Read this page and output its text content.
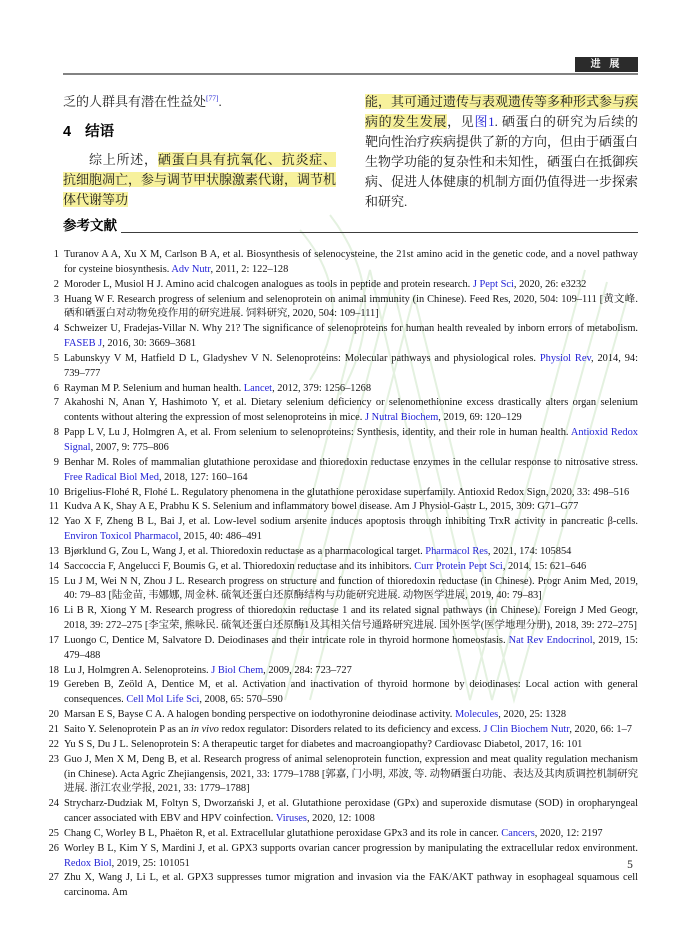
进 展

乏的人群具有潜在性益处[77].

4 结语

综上所述，硒蛋白具有抗氧化、抗炎症、抗细胞凋亡，参与调节甲状腺激素代谢，调节机体代谢等功

能，其可通过遗传与表观遗传等多种形式参与疾病的发生发展，见图1. 硒蛋白的研究为后续的靶向性治疗疾病提供了新的方向，但由于硒蛋白生物学功能的复杂性和未知性，硒蛋白在抵御疾病、促进人体健康的机制方面仍值得进一步探索和研究.

参考文献
1 Turanov A A, Xu X M, Carlson B A, et al. Biosynthesis of selenocysteine, the 21st amino acid in the genetic code, and a novel pathway for cysteine biosynthesis. Adv Nutr, 2011, 2: 122–128
2 Moroder L, Musiol H J. Amino acid chalcogen analogues as tools in peptide and protein research. J Pept Sci, 2020, 26: e3232
3 Huang W F. Research progress of selenium and selenoprotein on animal immunity (in Chinese). Feed Res, 2020, 504: 109–111 [黄文峰. 硒和硒蛋白对动物免疫作用的研究进展. 饲料研究, 2020, 504: 109–111]
4 Schweizer U, Fradejas-Villar N. Why 21? The significance of selenoproteins for human health revealed by inborn errors of metabolism. FASEB J, 2016, 30: 3669–3681
5 Labunskyy V M, Hatfield D L, Gladyshev V N. Selenoproteins: Molecular pathways and physiological roles. Physiol Rev, 2014, 94: 739–777
6 Rayman M P. Selenium and human health. Lancet, 2012, 379: 1256–1268
7 Akahoshi N, Anan Y, Hashimoto Y, et al. Dietary selenium deficiency or selenomethionine excess drastically alters organ selenium contents without altering the expression of most selenoproteins in mice. J Nutral Biochem, 2019, 69: 120–129
8 Papp L V, Lu J, Holmgren A, et al. From selenium to selenoproteins: Synthesis, identity, and their role in human health. Antioxid Redox Signal, 2007, 9: 775–806
9 Benhar M. Roles of mammalian glutathione peroxidase and thioredoxin reductase enzymes in the cellular response to nitrosative stress. Free Radical Biol Med, 2018, 127: 160–164
10 Brigelius-Flohé R, Flohé L. Regulatory phenomena in the glutathione peroxidase superfamily. Antioxid Redox Sign, 2020, 33: 498–516
11 Kudva A K, Shay A E, Prabhu K S. Selenium and inflammatory bowel disease. Am J Physiol-Gastr L, 2015, 309: G71–G77
12 Yao X F, Zheng B L, Bai J, et al. Low-level sodium arsenite induces apoptosis through inhibiting TrxR activity in pancreatic β-cells. Environ Toxicol Pharmacol, 2015, 40: 486–491
13 Bjørklund G, Zou L, Wang J, et al. Thioredoxin reductase as a pharmacological target. Pharmacol Res, 2021, 174: 105854
14 Saccoccia F, Angelucci F, Boumis G, et al. Thioredoxin reductase and its inhibitors. Curr Protein Pept Sci, 2014, 15: 621–646
15 Lu J M, Wei N N, Zhou J L. Research progress on structure and function of thioredoxin reductase (in Chinese). Progr Anim Med, 2019, 40: 79–83 [陆金苗, 韦娜娜, 周金林. 硫氧还蛋白还原酶结构与功能研究进展. 动物医学进展, 2019, 40: 79–83]
16 Li B R, Xiong Y M. Research progress of thioredoxin reductase 1 and its related signal pathways (in Chinese). Foreign J Med Geogr, 2018, 39: 272–275 [李宝荣, 熊咏民. 硫氧还蛋白还原酶1及其相关信号通路研究进展. 国外医学(医学地理分册), 2018, 39: 272–275]
17 Luongo C, Dentice M, Salvatore D. Deiodinases and their intricate role in thyroid hormone homeostasis. Nat Rev Endocrinol, 2019, 15: 479–488
18 Lu J, Holmgren A. Selenoproteins. J Biol Chem, 2009, 284: 723–727
19 Gereben B, Zeöld A, Dentice M, et al. Activation and inactivation of thyroid hormone by deiodinases: Local action with general consequences. Cell Mol Life Sci, 2008, 65: 570–590
20 Marsan E S, Bayse C A. A halogen bonding perspective on iodothyronine deiodinase activity. Molecules, 2020, 25: 1328
21 Saito Y. Selenoprotein P as an in vivo redox regulator: Disorders related to its deficiency and excess. J Clin Biochem Nutr, 2020, 66: 1–7
22 Yu S S, Du J L. Selenoprotein S: A therapeutic target for diabetes and macroangiopathy? Cardiovasc Diabetol, 2017, 16: 101
23 Guo J, Men X M, Deng B, et al. Research progress of animal selenoprotein function, expression and meat quality regulation mechanism (in Chinese). Acta Agric Zhejiangensis, 2021, 33: 1779–1788 [郭嘉, 门小明, 邓波, 等. 动物硒蛋白功能、表达及其肉质调控机制研究进展. 浙江农业学报, 2021, 33: 1779–1788]
24 Strycharz-Dudziak M, Foltyn S, Dworzański J, et al. Glutathione peroxidase (GPx) and superoxide dismutase (SOD) in oropharyngeal cancer associated with EBV and HPV coinfection. Viruses, 2020, 12: 1008
25 Chang C, Worley B L, Phaëton R, et al. Extracellular glutathione peroxidase GPx3 and its role in cancer. Cancers, 2020, 12: 2197
26 Worley B L, Kim Y S, Mardini J, et al. GPX3 supports ovarian cancer progression by manipulating the extracellular redox environment. Redox Biol, 2019, 25: 101051
27 Zhu X, Wang J, Li L, et al. GPX3 suppresses tumor migration and invasion via the FAK/AKT pathway in esophageal squamous cell carcinoma. Am
5
